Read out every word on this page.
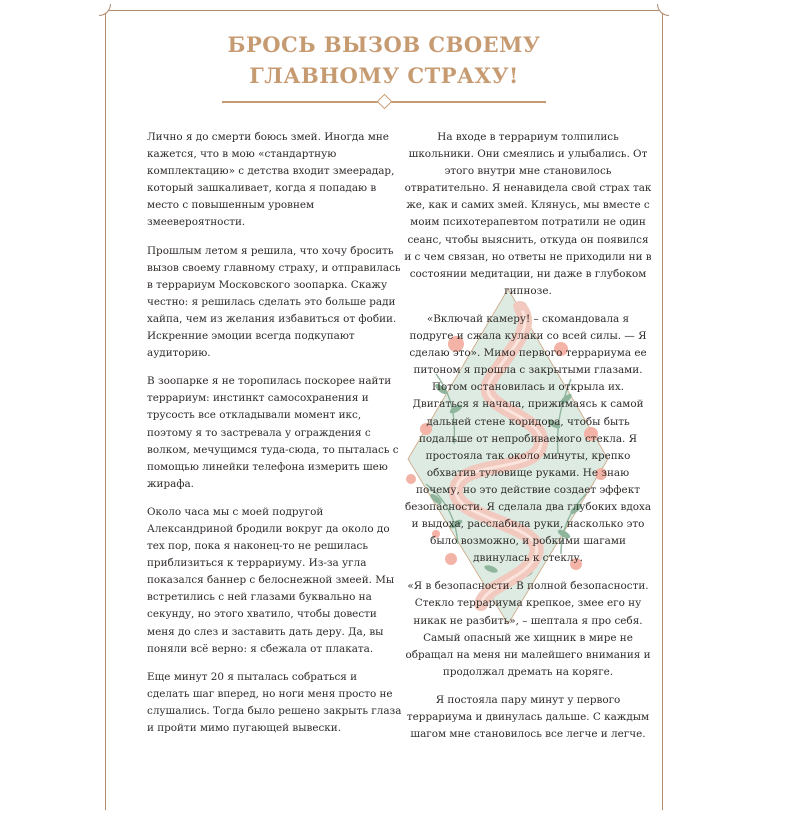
БРОСЬ ВЫЗОВ СВОЕМУ
ГЛАВНОМУ СТРАХУ!

Лично я до смерти боюсь змей. Иногда мне кажется, что в мою «стандартную комплектацию» с детства входит змеерадар, который зашкаливает, когда я попадаю в место с повышенным уровнем змееверoятности.

Прошлым летом я решила, что хочу бросить вызов своему главному страху, и отправилась в террариум Московского зоопарка. Скажу честно: я решилась сделать это больше ради хайпа, чем из желания избавиться от фобии. Искренние эмоции всегда подкупают аудиторию.

В зоопарке я не торопилась поскорее найти террариум: инстинкт самосохранения и трусость все откладывали момент икс, поэтому я то застревала у ограждения с волком, мечущимся туда-сюда, то пыталась с помощью линейки телефона измерить шею жирафа.

Около часа мы с моей подругой Александриной бродили вокруг да около до тех пор, пока я наконец-то не решилась приблизиться к террариуму. Из-за угла показался баннер с белоснежной змеей. Мы встретились с ней глазами буквально на секунду, но этого хватило, чтобы довести меня до слез и заставить дать деру. Да, вы поняли всё верно: я сбежала от плаката.

Еще минут 20 я пыталась собраться и сделать шаг вперед, но ноги меня просто не слушались. Тогда было решено закрыть глаза и пройти мимо пугающей вывески.

На входе в террариум толпились школьники. Они смеялись и улыбались. От этого внутри мне становилось отвратительно. Я ненавидела свой страх так же, как и самих змей. Клянусь, мы вместе с моим психотерапевтом потратили не один сеанс, чтобы выяснить, откуда он появился и с чем связан, но ответы не приходили ни в состоянии медитации, ни даже в глубоком гипнозе.

«Включай камеру! – скомандовала я подруге и сжала кулаки со всей силы. — Я сделаю это». Мимо первого террариума ее питоном я прошла с закрытыми глазами. Потом остановилась и открыла их. Двигаться я начала, прижимаясь к самой дальней стене коридора, чтобы быть подальше от непробиваемого стекла. Я простояла так около минуты, крепко обхватив туловище руками. Не знаю почему, но это действие создает эффект безопасности. Я сделала два глубоких вдоха и выдоха, расслабила руки, насколько это было возможно, и робкими шагами двинулась к стеклу.

«Я в безопасности. В полной безопасности. Стекло террариума крепкое, змее его ну никак не разбить», – шептала я про себя. Самый опасный же хищник в мире не обращал на меня ни малейшего внимания и продолжал дремать на коряге.

Я постояла пару минут у первого террариума и двинулась дальше. С каждым шагом мне становилось все легче и легче.
